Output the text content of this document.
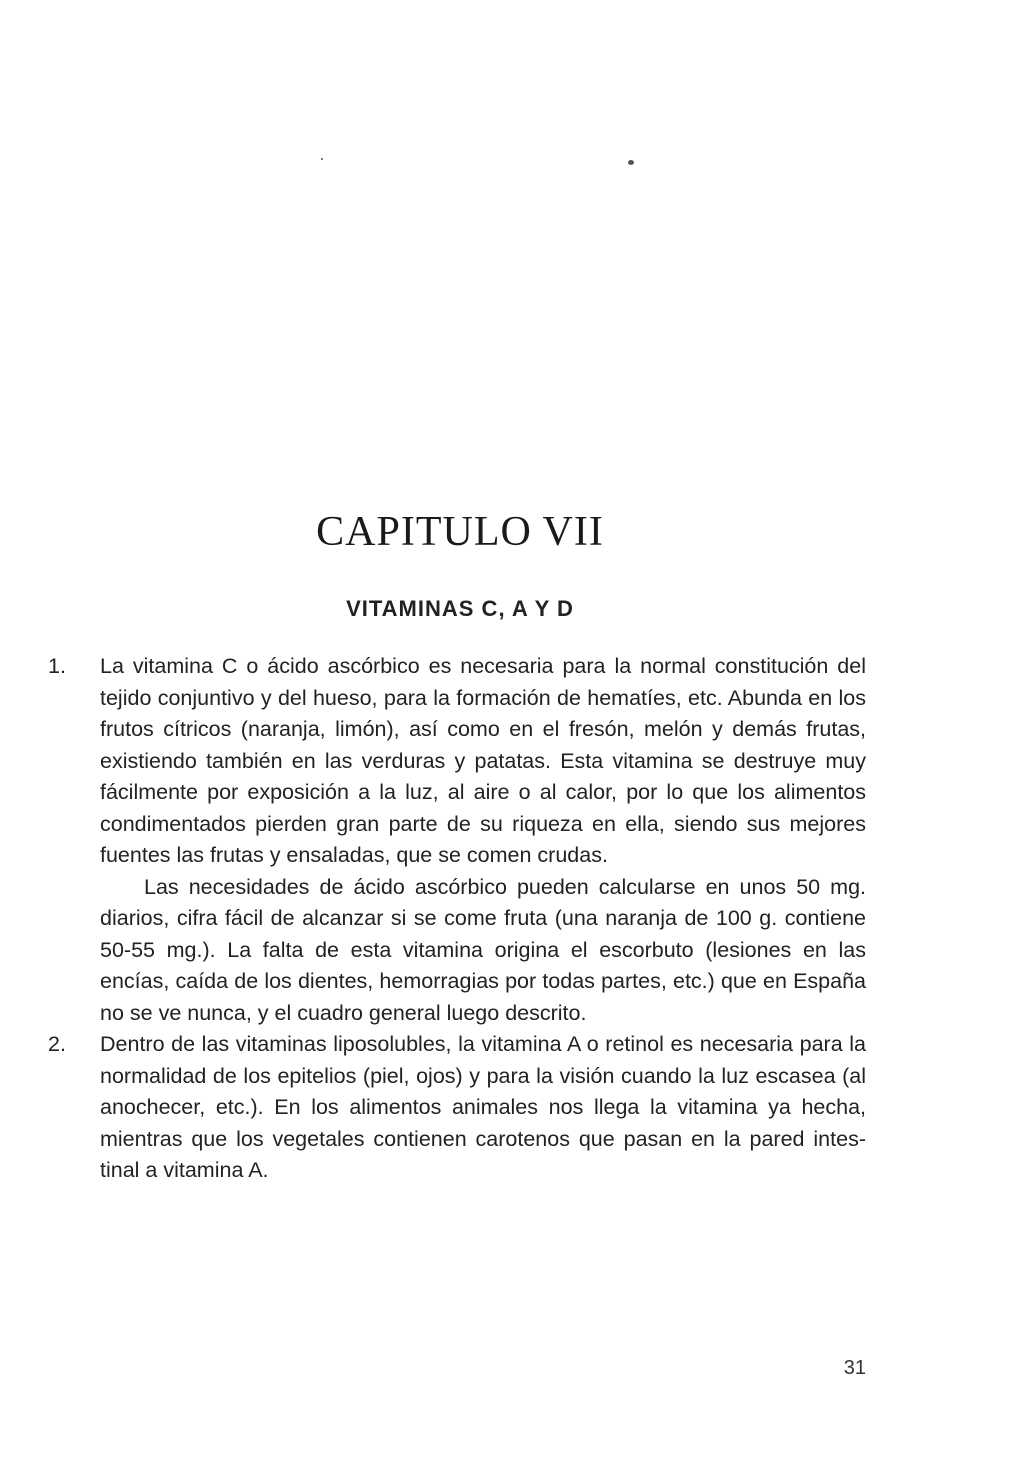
CAPITULO VII
VITAMINAS C, A Y D
1. La vitamina C o ácido ascórbico es necesaria para la normal constitución del tejido conjuntivo y del hueso, para la formación de hematíes, etc. Abunda en los frutos cítricos (naranja, limón), así como en el fresón, melón y demás frutas, existiendo también en las verduras y patatas. Esta vitamina se destruye muy fácilmente por exposición a la luz, al aire o al calor, por lo que los alimentos condimentados pierden gran parte de su riqueza en ella, siendo sus mejores fuentes las frutas y ensaladas, que se comen crudas.

Las necesidades de ácido ascórbico pueden calcularse en unos 50 mg. diarios, cifra fácil de alcanzar si se come fruta (una naranja de 100 g. contiene 50-55 mg.). La falta de esta vitamina origina el escorbuto (lesiones en las encías, caída de los dientes, hemorragias por todas partes, etc.) que en España no se ve nunca, y el cuadro general luego descrito.

2. Dentro de las vitaminas liposolubles, la vitamina A o retinol es necesaria para la normalidad de los epitelios (piel, ojos) y para la visión cuando la luz escasea (al anochecer, etc.). En los alimentos animales nos llega la vitamina ya hecha, mientras que los vegetales contienen carotenos que pasan en la pared intestinal a vitamina A.

31
